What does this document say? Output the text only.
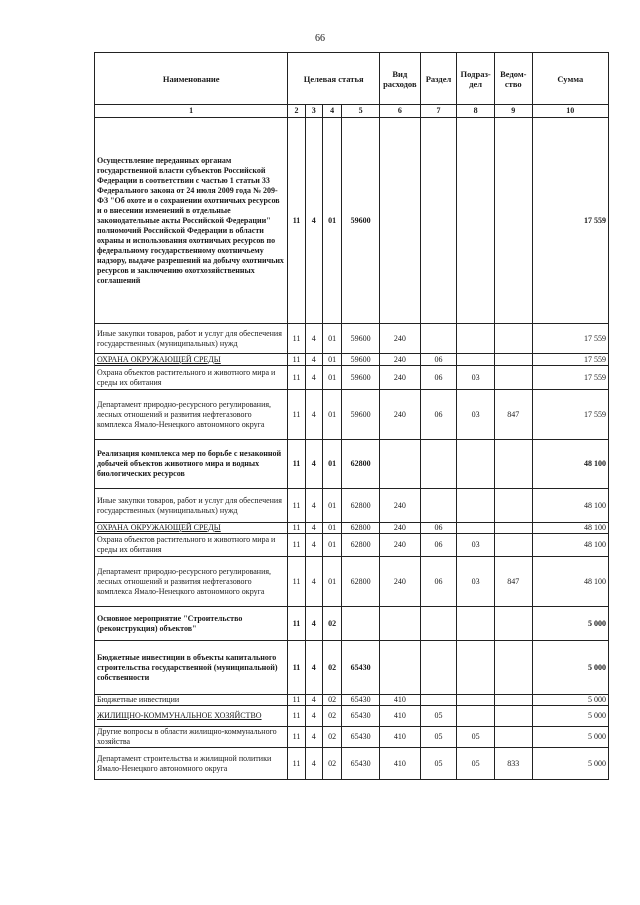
66
Наименование	Целевая статья				Вид расходов	Раздел	Подраз-дел	Ведом-ство	Сумма
1	2	3	4	5	6	7	8	9	10
Осуществление переданных органам государственной власти субъектов Российской Федерации в соответствии с частью 1 статьи 33 Федерального закона от 24 июля 2009 года № 209-ФЗ "Об охоте и о сохранении охотничьих ресурсов и о внесении изменений в отдельные законодательные акты Российской Федерации" полномочий Российской Федерации в области охраны и использования охотничьих ресурсов по федеральному государственному охотничьему надзору, выдаче разрешений на добычу охотничьих ресурсов и заключению охотхозяйственных соглашений	11	4	01	59600					17 559
Иные закупки товаров, работ и услуг для обеспечения государственных (муниципальных) нужд	11	4	01	59600	240				17 559
ОХРАНА ОКРУЖАЮЩЕЙ СРЕДЫ	11	4	01	59600	240	06			17 559
Охрана объектов растительного и животного мира и среды их обитания	11	4	01	59600	240	06	03		17 559
Департамент природно-ресурсного регулирования, лесных отношений и развития нефтегазового комплекса Ямало-Ненецкого автономного округа	11	4	01	59600	240	06	03	847	17 559
Реализация комплекса мер по борьбе с незаконной добычей объектов животного мира и водных биологических ресурсов	11	4	01	62800					48 100
Иные закупки товаров, работ и услуг для обеспечения государственных (муниципальных) нужд	11	4	01	62800	240				48 100
ОХРАНА ОКРУЖАЮЩЕЙ СРЕДЫ	11	4	01	62800	240	06			48 100
Охрана объектов растительного и животного мира и среды их обитания	11	4	01	62800	240	06	03		48 100
Департамент природно-ресурсного регулирования, лесных отношений и развития нефтегазового комплекса Ямало-Ненецкого автономного округа	11	4	01	62800	240	06	03	847	48 100
Основное мероприятие "Строительство (реконструкция) объектов"	11	4	02						5 000
Бюджетные инвестиции в объекты капитального строительства государственной (муниципальной) собственности	11	4	02	65430					5 000
Бюджетные инвестиции	11	4	02	65430	410				5 000
ЖИЛИЩНО-КОММУНАЛЬНОЕ ХОЗЯЙСТВО	11	4	02	65430	410	05			5 000
Другие вопросы в области жилищно-коммунального хозяйства	11	4	02	65430	410	05	05		5 000
Департамент строительства и жилищной политики Ямало-Ненецкого автономного округа	11	4	02	65430	410	05	05	833	5 000
